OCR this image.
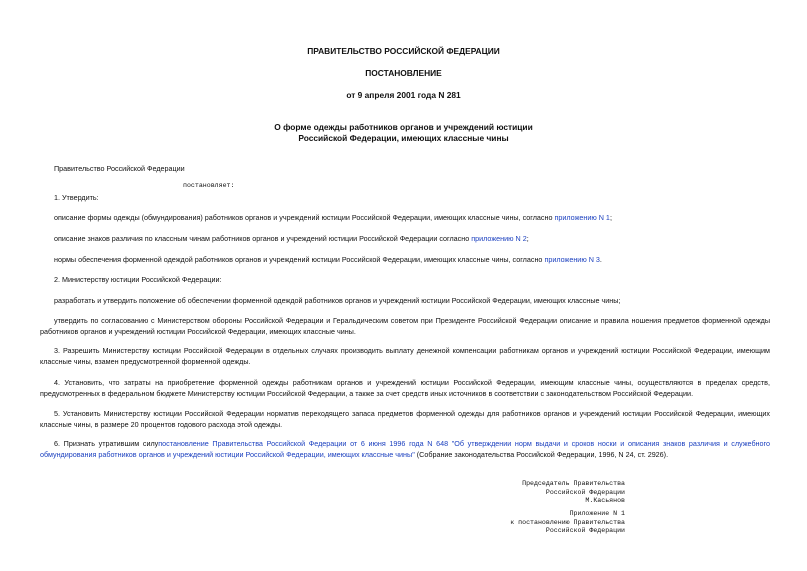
ПРАВИТЕЛЬСТВО РОССИЙСКОЙ ФЕДЕРАЦИИ
ПОСТАНОВЛЕНИЕ
от 9 апреля 2001 года N 281
О форме одежды работников органов и учреждений юстиции
Российской Федерации, имеющих классные чины
Правительство Российской Федерации
постановляет:
1. Утвердить:
описание формы одежды (обмундирования) работников органов и учреждений юстиции Российской Федерации, имеющих классные чины, согласно приложению N 1;
описание знаков различия по классным чинам работников органов и учреждений юстиции Российской Федерации согласно приложению N 2;
нормы обеспечения форменной одеждой работников органов и учреждений юстиции Российской Федерации, имеющих классные чины, согласно приложению N 3.
2. Министерству юстиции Российской Федерации:
разработать и утвердить положение об обеспечении форменной одеждой работников органов и учреждений юстиции Российской Федерации, имеющих классные чины;
утвердить по согласованию с Министерством обороны Российской Федерации и Геральдическим советом при Президенте Российской Федерации описание и правила ношения предметов форменной одежды работников органов и учреждений юстиции Российской Федерации, имеющих классные чины.
3. Разрешить Министерству юстиции Российской Федерации в отдельных случаях производить выплату денежной компенсации работникам органов и учреждений юстиции Российской Федерации, имеющим классные чины, взамен предусмотренной форменной одежды.
4. Установить, что затраты на приобретение форменной одежды работникам органов и учреждений юстиции Российской Федерации, имеющим классные чины, осуществляются в пределах средств, предусмотренных в федеральном бюджете Министерству юстиции Российской Федерации, а также за счет средств иных источников в соответствии с законодательством Российской Федерации.
5. Установить Министерству юстиции Российской Федерации норматив переходящего запаса предметов форменной одежды для работников органов и учреждений юстиции Российской Федерации, имеющих классные чины, в размере 20 процентов годового расхода этой одежды.
6. Признать утратившим силупостановление Правительства Российской Федерации от 6 июня 1996 года N 648 "Об утверждении норм выдачи и сроков носки и описания знаков различия и служебного обмундирования работников органов и учреждений юстиции Российской Федерации, имеющих классные чины" (Собрание законодательства Российской Федерации, 1996, N 24, ст. 2926).
Председатель Правительства
Российской Федерации
М.Касьянов
Приложение N 1
к постановлению Правительства
Российской Федерации
